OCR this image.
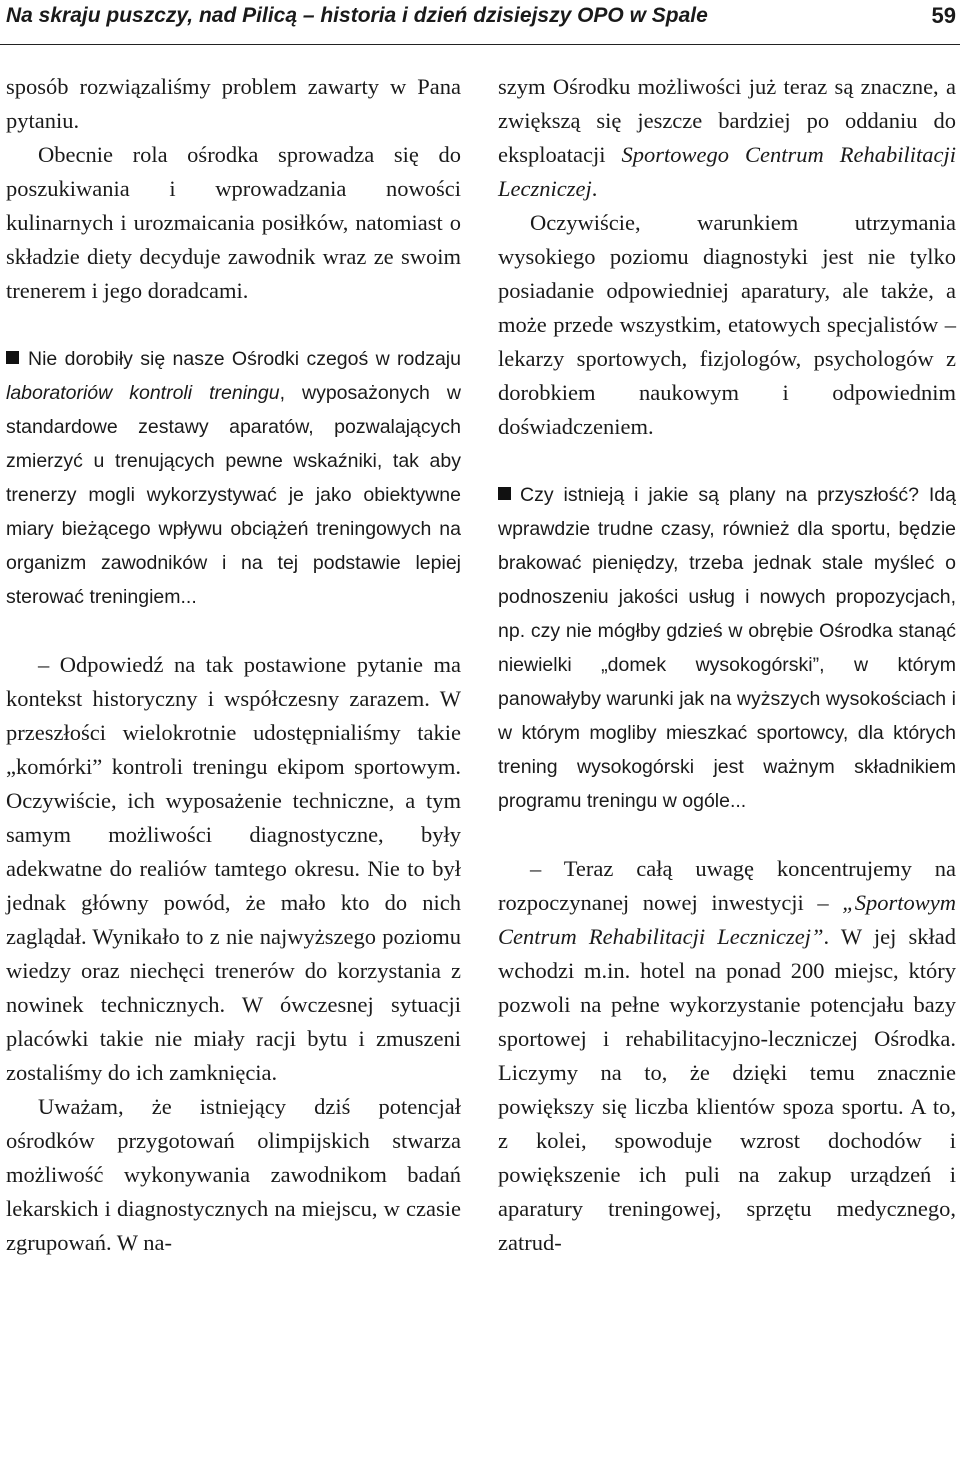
Na skraju puszczy, nad Pilicą – historia i dzień dzisiejszy OPO w Spale	59

sposób rozwiązaliśmy problem zawarty w Pana pytaniu.

Obecnie rola ośrodka sprowadza się do poszukiwania i wprowadzania nowości kulinarnych i urozmaicania posiłków, natomiast o składzie diety decyduje zawodnik wraz ze swoim trenerem i jego doradcami.

Nie dorobiły się nasze Ośrodki czegoś w rodzaju laboratoriów kontroli treningu, wyposażonych w standardowe zestawy aparatów, pozwalających zmierzyć u trenujących pewne wskaźniki, tak aby trenerzy mogli wykorzystywać je jako obiektywne miary bieżącego wpływu obciążeń treningowych na organizm zawodników i na tej podstawie lepiej sterować treningiem...

– Odpowiedź na tak postawione pytanie ma kontekst historyczny i współczesny zarazem. W przeszłości wielokrotnie udostępnialiśmy takie „komórki” kontroli treningu ekipom sportowym. Oczywiście, ich wyposażenie techniczne, a tym samym możliwości diagnostyczne, były adekwatne do realiów tamtego okresu. Nie to był jednak główny powód, że mało kto do nich zaglądał. Wynikało to z nie najwyższego poziomu wiedzy oraz niechęci trenerów do korzystania z nowinek technicznych. W ówczesnej sytuacji placówki takie nie miały racji bytu i zmuszeni zostaliśmy do ich zamknięcia.

Uważam, że istniejący dziś potencjał ośrodków przygotowań olimpijskich stwarza możliwość wykonywania zawodnikom badań lekarskich i diagnostycznych na miejscu, w czasie zgrupowań. W na-

szym Ośrodku możliwości już teraz są znaczne, a zwiększą się jeszcze bardziej po oddaniu do eksploatacji Sportowego Centrum Rehabilitacji Leczniczej.

Oczywiście, warunkiem utrzymania wysokiego poziomu diagnostyki jest nie tylko posiadanie odpowiedniej aparatury, ale także, a może przede wszystkim, etatowych specjalistów – lekarzy sportowych, fizjologów, psychologów z dorobkiem naukowym i odpowiednim doświadczeniem.

Czy istnieją i jakie są plany na przyszłość? Idą wprawdzie trudne czasy, również dla sportu, będzie brakować pieniędzy, trzeba jednak stale myśleć o podnoszeniu jakości usług i nowych propozycjach, np. czy nie mógłby gdzieś w obrębie Ośrodka stanąć niewielki „domek wysokogórski”, w którym panowałyby warunki jak na wyższych wysokościach i w którym mogliby mieszkać sportowcy, dla których trening wysokogórski jest ważnym składnikiem programu treningu w ogóle...

– Teraz całą uwagę koncentrujemy na rozpoczynanej nowej inwestycji – „Sportowym Centrum Rehabilitacji Leczniczej”. W jej skład wchodzi m.in. hotel na ponad 200 miejsc, który pozwoli na pełne wykorzystanie potencjału bazy sportowej i rehabilitacyjno-leczniczej Ośrodka. Liczymy na to, że dzięki temu znacznie powiększy się liczba klientów spoza sportu. A to, z kolei, spowoduje wzrost dochodów i powiększenie ich puli na zakup urządzeń i aparatury treningowej, sprzętu medycznego, zatrud-
